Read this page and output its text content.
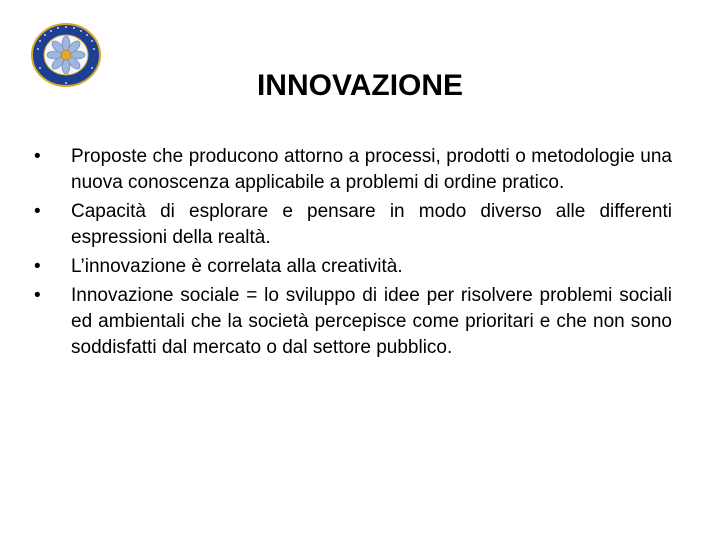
INNOVAZIONE
• Proposte che producono attorno a processi, prodotti o metodologie una nuova conoscenza applicabile a problemi di ordine pratico.
• Capacità di esplorare e pensare in modo diverso alle differenti espressioni della realtà.
• L’innovazione è correlata alla creatività.
• Innovazione sociale = lo sviluppo di idee per risolvere problemi sociali ed ambientali che la società percepisce come prioritari e che non sono soddisfatti dal mercato o dal settore pubblico.
